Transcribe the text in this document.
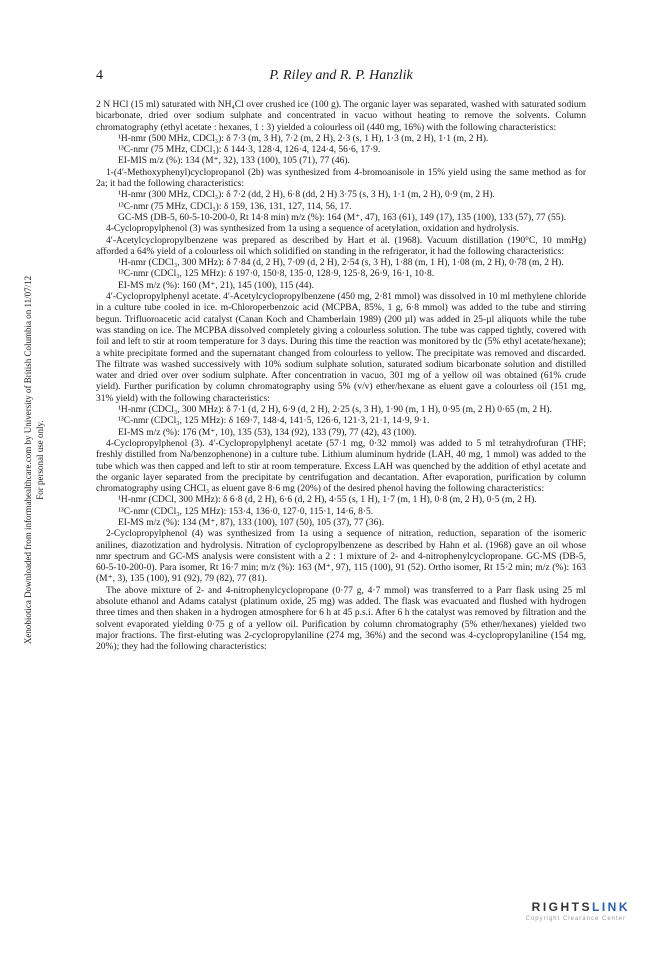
Xenobiotica Downloaded from informahealthcare.com by University of British Columbia on 11/07/12 For personal use only.
4	P. Riley and R. P. Hanzlik

2 N HCl (15 ml) saturated with NH₄Cl over crushed ice (100 g). The organic layer was separated, washed with saturated sodium bicarbonate, dried over sodium sulphate and concentrated in vacuo without heating to remove the solvents. Column chromatography (ethyl acetate : hexanes, 1 : 3) yielded a colourless oil (440 mg, 16%) with the following characteristics:

¹H-nmr (500 MHz, CDCl₃): δ 7·3 (m, 3 H), 7·2 (m, 2 H), 2·3 (s, 1 H), 1·3 (m, 2 H), 1·1 (m, 2 H).
¹³C-nmr (75 MHz, CDCl₃): δ 144·3, 128·4, 126·4, 124·4, 56·6, 17·9.
EI-MIS m/z (%): 134 (M⁺, 32), 133 (100), 105 (71), 77 (46).

1-(4′-Methoxyphenyl)cyclopropanol (2b) was synthesized from 4-bromoanisole in 15% yield using the same method as for 2a; it had the following characteristics:

¹H-nmr (300 MHz, CDCl₃): δ 7·2 (dd, 2 H), 6·8 (dd, 2 H) 3·75 (s, 3 H), 1·1 (m, 2 H), 0·9 (m, 2 H).
¹³C-nmr (75 MHz, CDCl₃): δ 159, 136, 131, 127, 114, 56, 17.
GC-MS (DB-5, 60-5-10-200-0, Rt 14·8 min) m/z (%): 164 (M⁺, 47), 163 (61), 149 (17), 135 (100), 133 (57), 77 (55).

4-Cyclopropylphenol (3) was synthesized from 1a using a sequence of acetylation, oxidation and hydrolysis.

4′-Acetylcyclopropylbenzene was prepared as described by Hart et al. (1968). Vacuum distillation (190°C, 10 mmHg) afforded a 64% yield of a colourless oil which solidified on standing in the refrigerator, it had the following characteristics:

¹H-nmr (CDCl₃, 300 MHz): δ 7·84 (d, 2 H), 7·09 (d, 2 H), 2·54 (s, 3 H), 1·88 (m, 1 H), 1·08 (m, 2 H), 0·78 (m, 2 H).
¹³C-nmr (CDCl₃, 125 MHz): δ 197·0, 150·8, 135·0, 128·9, 125·8, 26·9, 16·1, 10·8.
EI-MS m/z (%): 160 (M⁺, 21), 145 (100), 115 (44).

4′-Cyclopropylphenyl acetate. 4′-Acetylcyclopropylbenzene (450 mg, 2·81 mmol) was dissolved in 10 ml methylene chloride in a culture tube cooled in ice. m-Chloroperbenzoic acid (MCPBA, 85%, 1 g, 6·8 mmol) was added to the tube and stirring begun. Trifluoroacetic acid catalyst (Canan Koch and Chamberlain 1989) (200 µl) was added in 25-µl aliquots while the tube was standing on ice. The MCPBA dissolved completely giving a colourless solution. The tube was capped tightly, covered with foil and left to stir at room temperature for 3 days. During this time the reaction was monitored by tlc (5% ethyl acetate/hexane); a white precipitate formed and the supernatant changed from colourless to yellow. The precipitate was removed and discarded. The filtrate was washed successively with 10% sodium sulphate solution, saturated sodium bicarbonate solution and distilled water and dried over over sodium sulphate. After concentration in vacuo, 301 mg of a yellow oil was obtained (61% crude yield). Further purification by column chromatography using 5% (v/v) ether/hexane as eluent gave a colourless oil (151 mg, 31% yield) with the following characteristics:

¹H-nmr (CDCl₃, 300 MHz): δ 7·1 (d, 2 H), 6·9 (d, 2 H), 2·25 (s, 3 H), 1·90 (m, 1 H), 0·95 (m, 2 H) 0·65 (m, 2 H).
¹³C-nmr (CDCl₃, 125 MHz): δ 169·7, 148·4, 141·5, 126·6, 121·3, 21·1, 14·9, 9·1.
EI-MS m/z (%): 176 (M⁺, 10), 135 (53), 134 (92), 133 (79), 77 (42), 43 (100).

4-Cyclopropylphenol (3). 4′-Cyclopropylphenyl acetate (57·1 mg, 0·32 mmol) was added to 5 ml tetrahydrofuran (THF; freshly distilled from Na/benzophenone) in a culture tube. Lithium aluminum hydride (LAH, 40 mg, 1 mmol) was added to the tube which was then capped and left to stir at room temperature. Excess LAH was quenched by the addition of ethyl acetate and the organic layer separated from the precipitate by centrifugation and decantation. After evaporation, purification by column chromatography using CHCl₃ as eluent gave 8·6 mg (20%) of the desired phenol having the following characteristics:

¹H-nmr (CDCl, 300 MHz): δ 6·8 (d, 2 H), 6·6 (d, 2 H), 4·55 (s, 1 H), 1·7 (m, 1 H), 0·8 (m, 2 H), 0·5 (m, 2 H).
¹³C-nmr (CDCl₃, 125 MHz): 153·4, 136·0, 127·0, 115·1, 14·6, 8·5.
EI-MS m/z (%): 134 (M⁺, 87), 133 (100), 107 (50), 105 (37), 77 (36).

2-Cyclopropylphenol (4) was synthesized from 1a using a sequence of nitration, reduction, separation of the isomeric anilines, diazotization and hydrolysis. Nitration of cyclopropylbenzene as described by Hahn et al. (1968) gave an oil whose nmr spectrum and GC-MS analysis were consistent with a 2 : 1 mixture of 2- and 4-nitrophenylcyclopropane. GC-MS (DB-5, 60-5-10-200-0). Para isomer, Rt 16·7 min; m/z (%): 163 (M⁺, 97), 115 (100), 91 (52). Ortho isomer, Rt 15·2 min; m/z (%): 163 (M⁺, 3), 135 (100), 91 (92), 79 (82), 77 (81).

The above mixture of 2- and 4-nitrophenylcyclopropane (0·77 g, 4·7 mmol) was transferred to a Parr flask using 25 ml absolute ethanol and Adams catalyst (platinum oxide, 25 mg) was added. The flask was evacuated and flushed with hydrogen three times and then shaken in a hydrogen atmosphere for 6 h at 45 p.s.i. After 6 h the catalyst was removed by filtration and the solvent evaporated yielding 0·75 g of a yellow oil. Purification by column chromatography (5% ether/hexanes) yielded two major fractions. The first-eluting was 2-cyclopropylaniline (274 mg, 36%) and the second was 4-cyclopropylaniline (154 mg, 20%); they had the following characteristics:

RIGHTSLINK
Copyright Clearance Center
